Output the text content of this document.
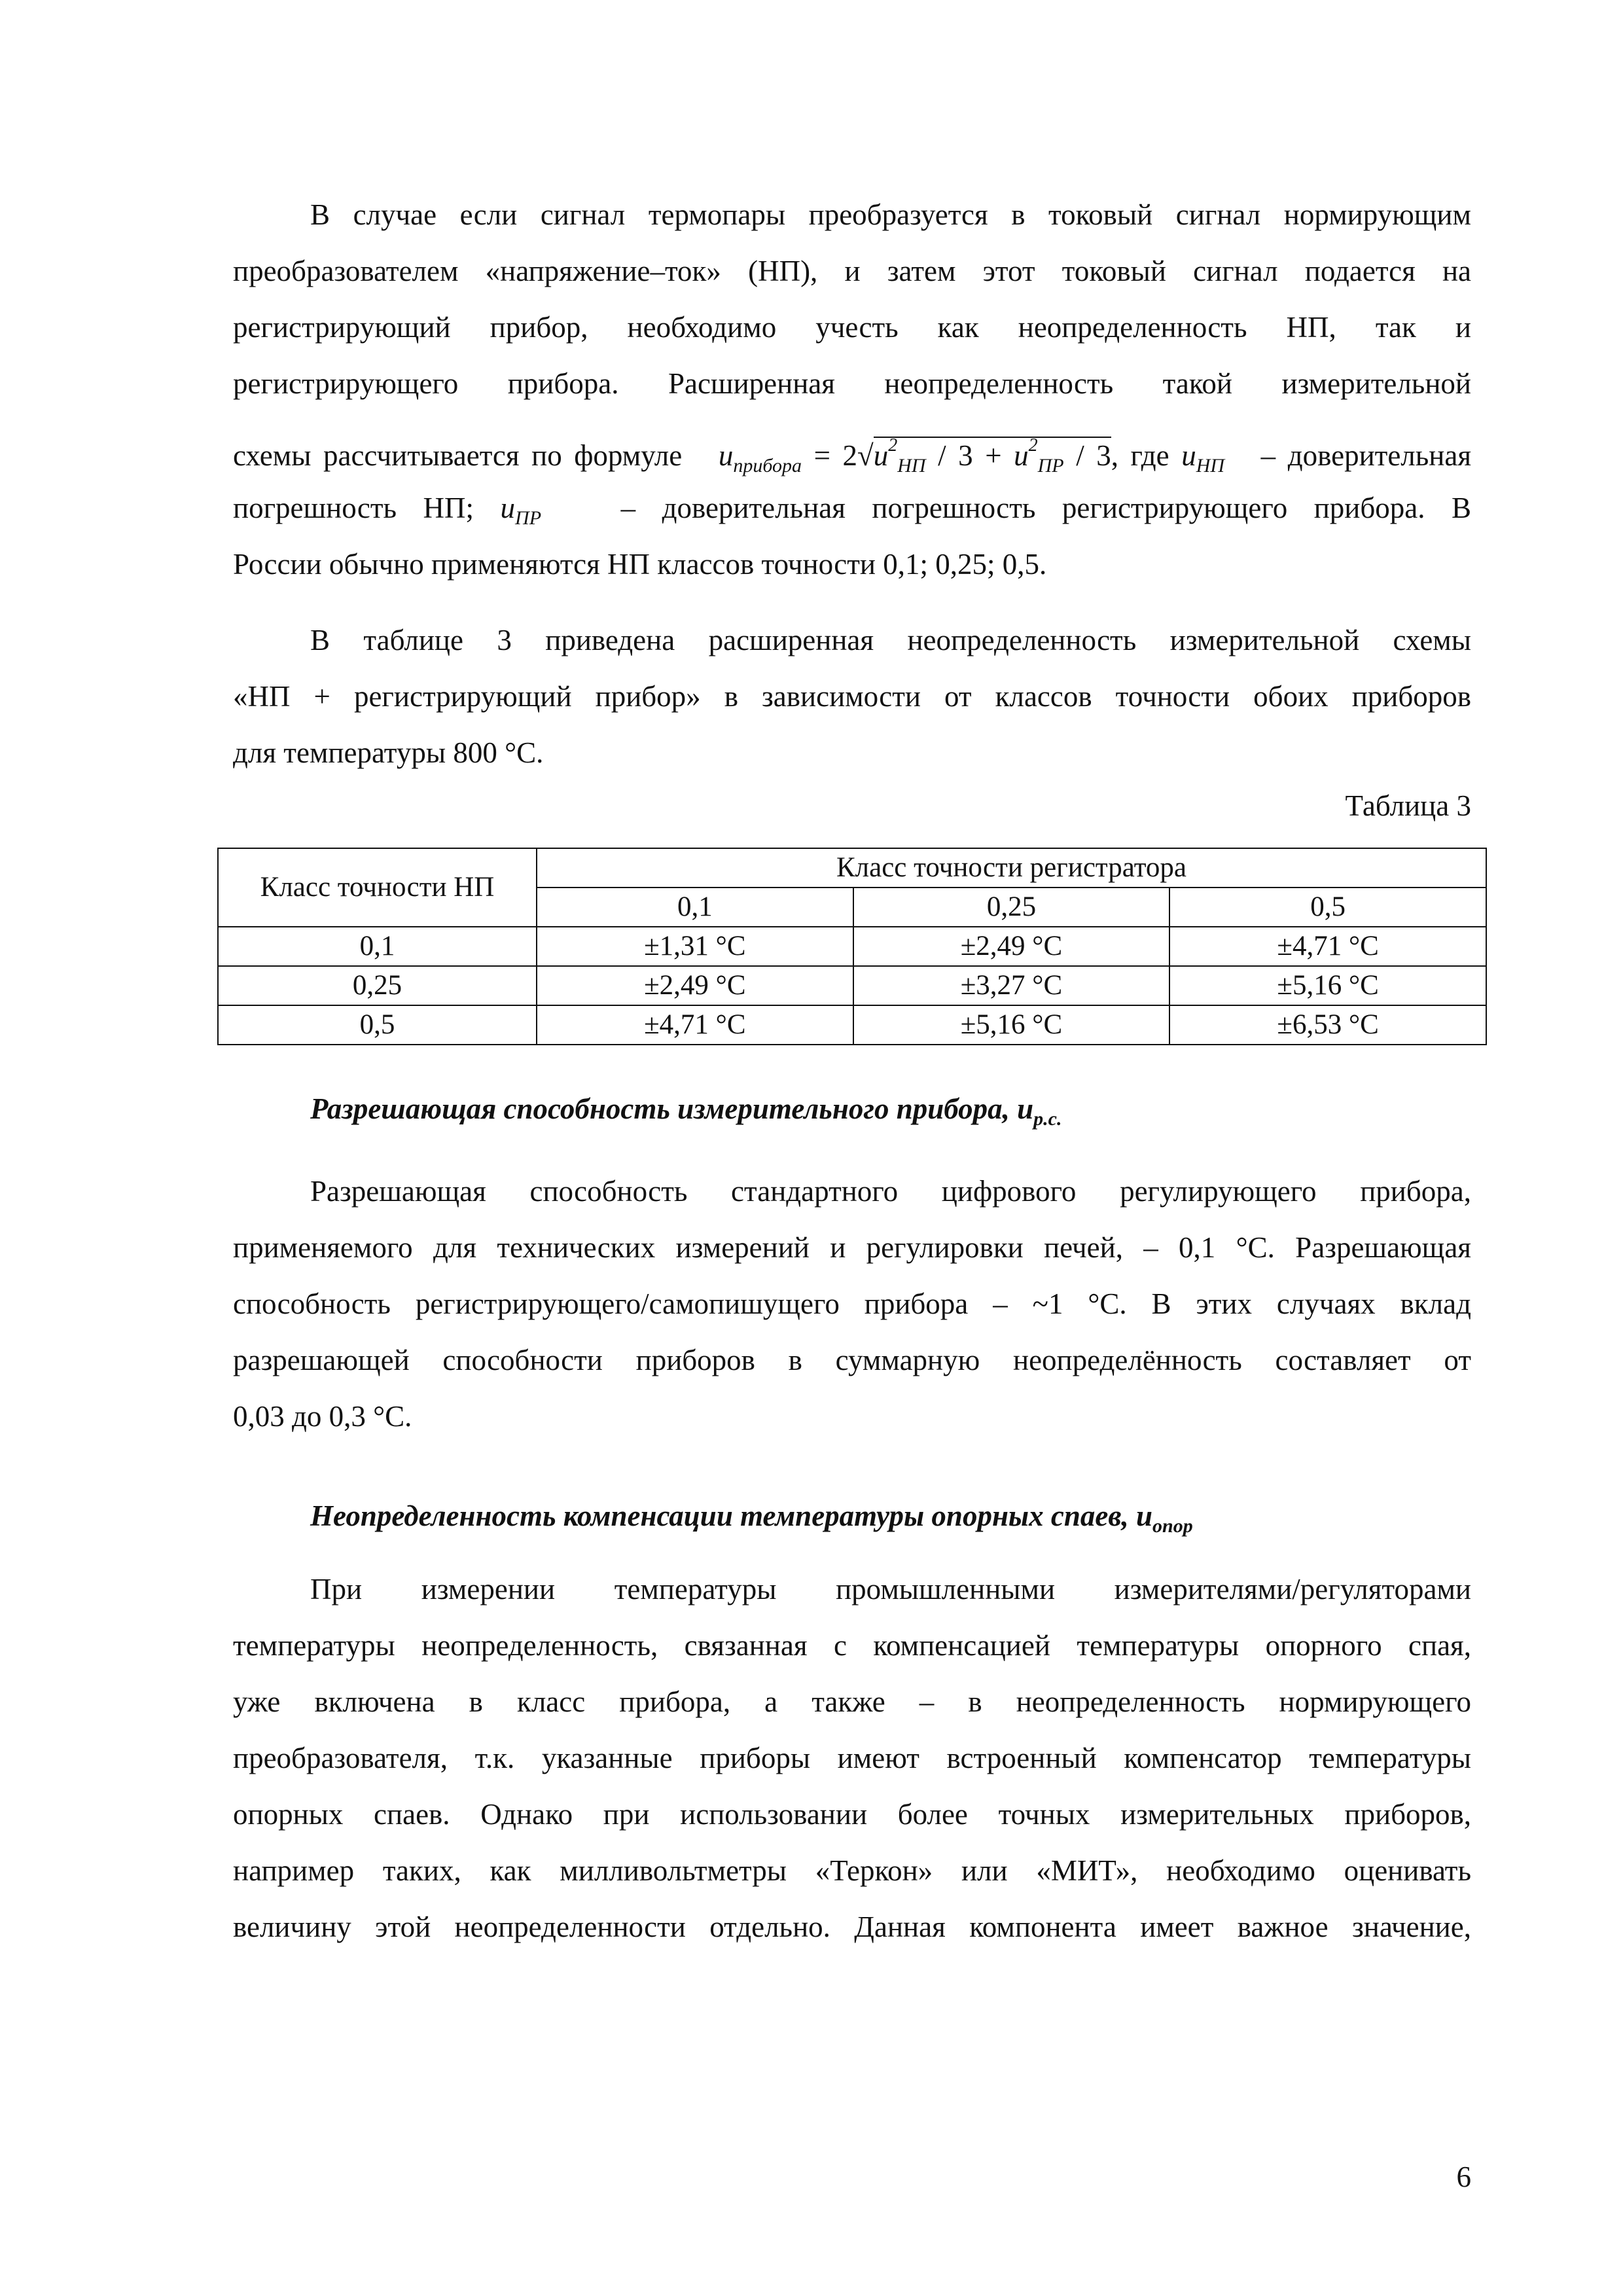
В случае если сигнал термопары преобразуется в токовый сигнал нормирующим
преобразователем «напряжение–ток» (НП), и затем этот токовый сигнал подается на
регистрирующий прибор, необходимо учесть как неопределенность НП, так и
регистрирующего прибора. Расширенная неопределенность такой измерительной
схемы рассчитывается по формуле $u_{прибора} = 2√u^2_{НП} / 3 + u^2_{ПР} / 3$, где $u_{НП}$ – доверительная
погрешность НП; $u_{ПР}$	– доверительная погрешность регистрирующего прибора. В
России обычно применяются НП классов точности 0,1; 0,25; 0,5.
В таблице 3 приведена расширенная неопределенность измерительной схемы
«НП + регистрирующий прибор» в зависимости от классов точности обоих приборов
для температуры 800 °С.
Таблица 3
Класс точности НП	Класс точности регистратора		
	0,1	0,25	0,5
0,1	±1,31 °С	±2,49 °С	±4,71 °С
0,25	±2,49 °С	±3,27 °С	±5,16 °С
0,5	±4,71 °С	±5,16 °С	±6,53 °С
Разрешающая способность измерительного прибора, $u_{р.с.}$
Разрешающая способность стандартного цифрового регулирующего прибора,
применяемого для технических измерений и регулировки печей, – 0,1 °С. Разрешающая
способность регистрирующего/самопишущего прибора – ~1 °С. В этих случаях вклад
разрешающей способности приборов в суммарную неопределённость составляет от
0,03 до 0,3 °С.
Неопределенность компенсации температуры опорных спаев, $u_{опор}$
При измерении температуры промышленными измерителями/регуляторами
температуры неопределенность, связанная с компенсацией температуры опорного спая,
уже включена в класс прибора, а также – в неопределенность нормирующего
преобразователя, т.к. указанные приборы имеют встроенный компенсатор температуры
опорных спаев. Однако при использовании более точных измерительных приборов,
например таких, как милливольтметры «Теркон» или «МИТ», необходимо оценивать
величину этой неопределенности отдельно. Данная компонента имеет важное значение,
6
